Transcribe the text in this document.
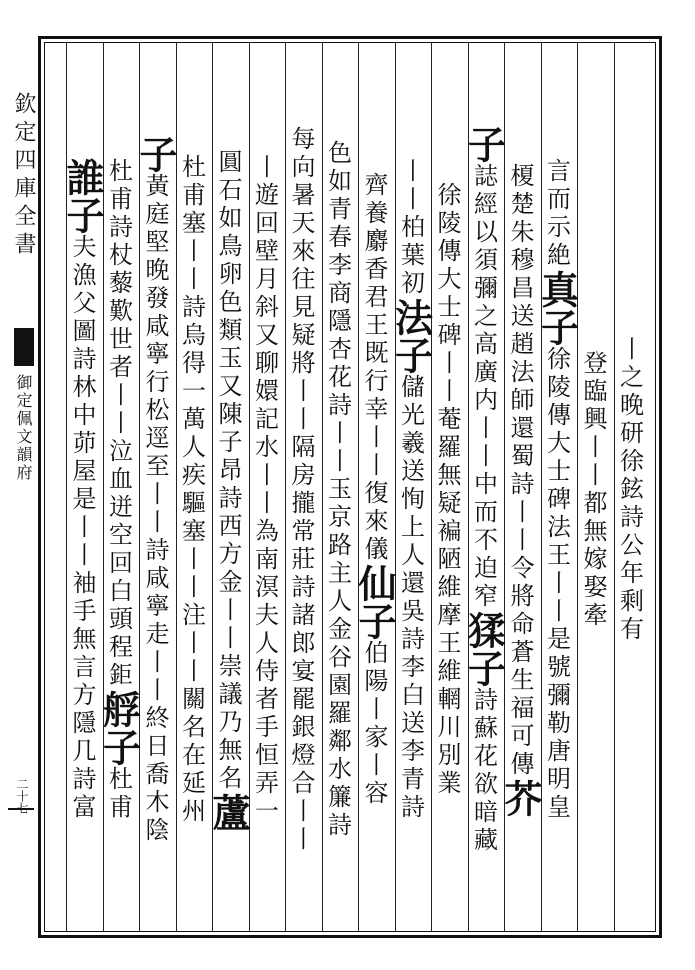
欽定四庫全書
御定佩文韻府
二十七
丨之晚研徐鉉詩公年剩有
登臨興丨丨都無嫁娶牽
言而示絶真子徐陵傳大士碑法王丨丨是號彌勒唐明皇
榎楚朱穆昌送趙法師還蜀詩丨丨令將命蒼生福可傳芥
子誌經以須彌之高廣内丨丨中而不迫窄猱子詩蘇花欲暗藏
徐陵傳大士碑丨丨菴羅無疑褊陋維摩王維輞川別業
丨丨柏葉初法子儲光羲送恂上人還吳詩李白送李青詩
齊養麝香君王既行幸丨丨復來儀仙子伯陽丨家丨容
色如青春李商隱杏花詩丨丨玉京路主人金谷園羅鄰水簾詩
每向暑天來往見疑將丨丨隔房攏常莊詩諸郎宴罷銀燈合丨丨
丨遊回壁月斜又聊嬛記水丨丨為南溟夫人侍者手恒弄一
圓石如鳥卵色類玉又陳子昂詩西方金丨丨崇議乃無名蘆
杜甫塞丨丨詩烏得一萬人疾驅塞丨丨注丨丨關名在延州
子黃庭堅晚發咸寧行松逕至丨丨詩咸寧走丨丨終日喬木陰
杜甫詩杖藜歎世者丨丨泣血迸空回白頭程鉅艀子杜甫
誰子夫漁父圖詩林中茆屋是丨丨袖手無言方隱几詩富
